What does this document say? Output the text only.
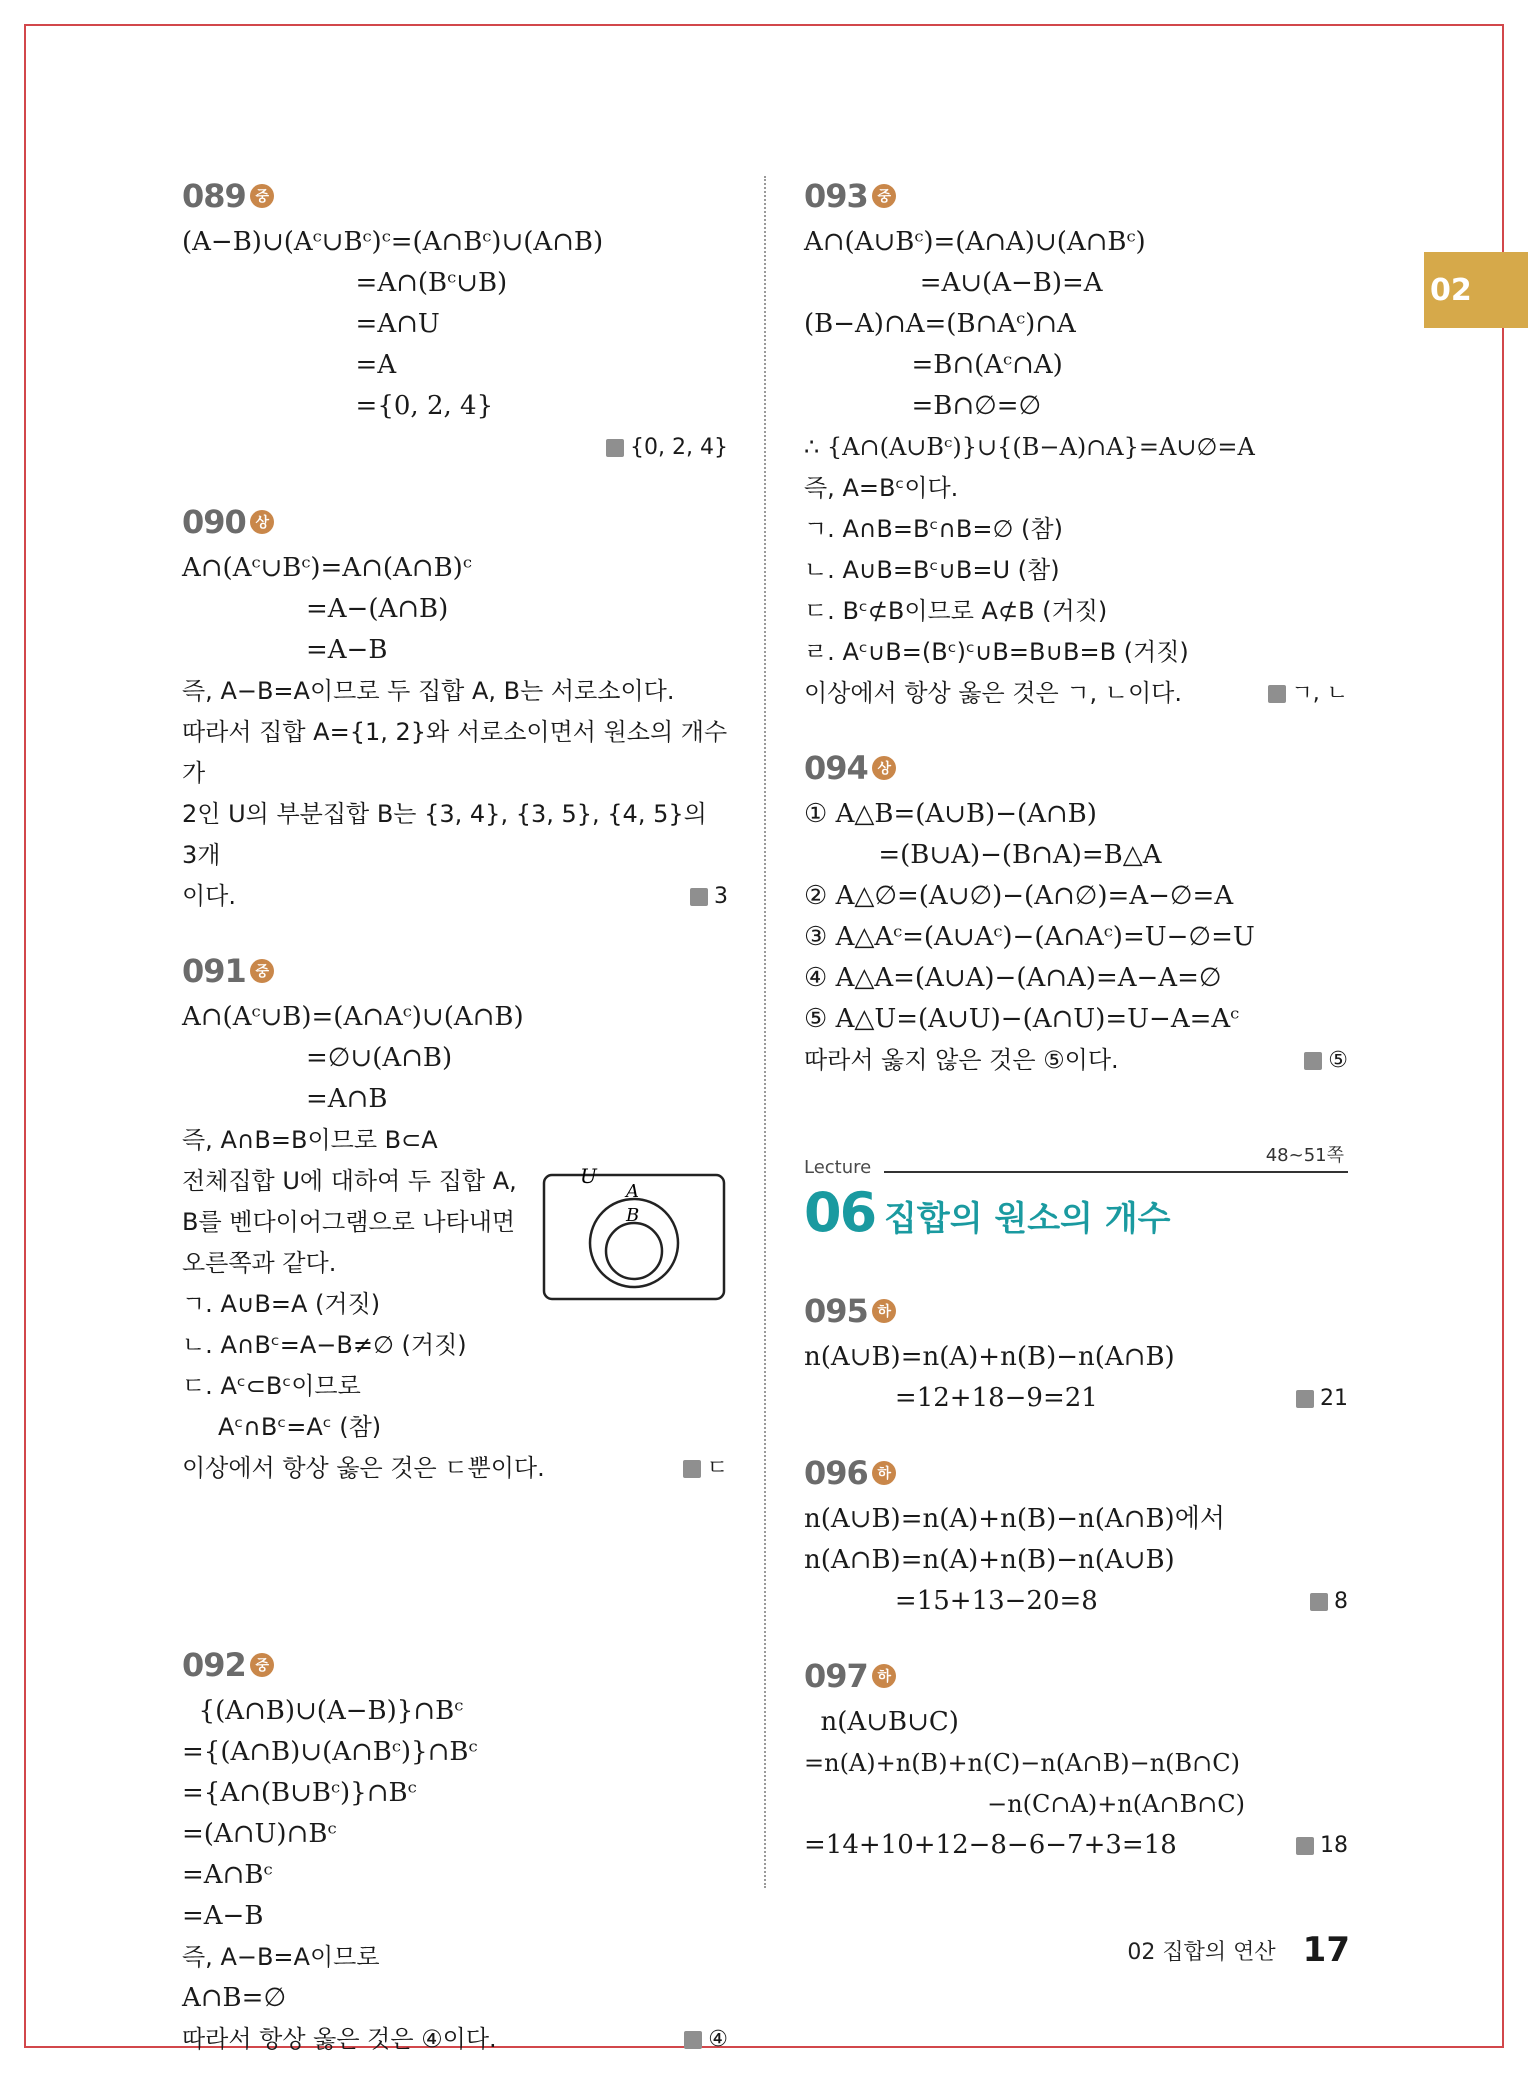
02
089 중
(A−B)∪(Aᶜ∪Bᶜ)ᶜ=(A∩Bᶜ)∪(A∩B)
=A∩(Bᶜ∪B)
=A∩U
=A
={0, 2, 4}
{0, 2, 4}
090 상
A∩(Aᶜ∪Bᶜ)=A∩(A∩B)ᶜ
=A−(A∩B)
=A−B
즉, A−B=A이므로 두 집합 A, B는 서로소이다.
따라서 집합 A={1, 2}와 서로소이면서 원소의 개수가
2인 U의 부분집합 B는 {3, 4}, {3, 5}, {4, 5}의 3개
이다.	3
091 중
A∩(Aᶜ∪B)=(A∩Aᶜ)∪(A∩B)
=∅∪(A∩B)
=A∩B
즉, A∩B=B이므로 B⊂A
전체집합 U에 대하여 두 집합 A,
B를 벤다이어그램으로 나타내면
오른쪽과 같다.
ㄱ. A∪B=A (거짓)
ㄴ. A∩Bᶜ=A−B≠∅ (거짓)
ㄷ. Aᶜ⊂Bᶜ이므로
Aᶜ∩Bᶜ=Aᶜ (참)
이상에서 항상 옳은 것은 ㄷ뿐이다.	ㄷ
U
A
B
092 중
{(A∩B)∪(A−B)}∩Bᶜ
={(A∩B)∪(A∩Bᶜ)}∩Bᶜ
={A∩(B∪Bᶜ)}∩Bᶜ
=(A∩U)∩Bᶜ
=A∩Bᶜ
=A−B
즉, A−B=A이므로
A∩B=∅
따라서 항상 옳은 것은 ④이다.	④
093 중
A∩(A∪Bᶜ)=(A∩A)∪(A∩Bᶜ)
=A∪(A−B)=A
(B−A)∩A=(B∩Aᶜ)∩A
=B∩(Aᶜ∩A)
=B∩∅=∅
∴ {A∩(A∪Bᶜ)}∪{(B−A)∩A}=A∪∅=A
즉, A=Bᶜ이다.
ㄱ. A∩B=Bᶜ∩B=∅ (참)
ㄴ. A∪B=Bᶜ∪B=U (참)
ㄷ. Bᶜ⊄B이므로 A⊄B (거짓)
ㄹ. Aᶜ∪B=(Bᶜ)ᶜ∪B=B∪B=B (거짓)
이상에서 항상 옳은 것은 ㄱ, ㄴ이다.	ㄱ, ㄴ
094 상
① A△B=(A∪B)−(A∩B)
=(B∪A)−(B∩A)=B△A
② A△∅=(A∪∅)−(A∩∅)=A−∅=A
③ A△Aᶜ=(A∪Aᶜ)−(A∩Aᶜ)=U−∅=U
④ A△A=(A∪A)−(A∩A)=A−A=∅
⑤ A△U=(A∪U)−(A∩U)=U−A=Aᶜ
따라서 옳지 않은 것은 ⑤이다.	⑤
Lecture
48~51쪽
06 집합의 원소의 개수
095 하
n(A∪B)=n(A)+n(B)−n(A∩B)
=12+18−9=21	21
096 하
n(A∪B)=n(A)+n(B)−n(A∩B)에서
n(A∩B)=n(A)+n(B)−n(A∪B)
=15+13−20=8	8
097 하
n(A∪B∪C)
=n(A)+n(B)+n(C)−n(A∩B)−n(B∩C)
−n(C∩A)+n(A∩B∩C)
=14+10+12−8−6−7+3=18	18
02 집합의 연산 17
